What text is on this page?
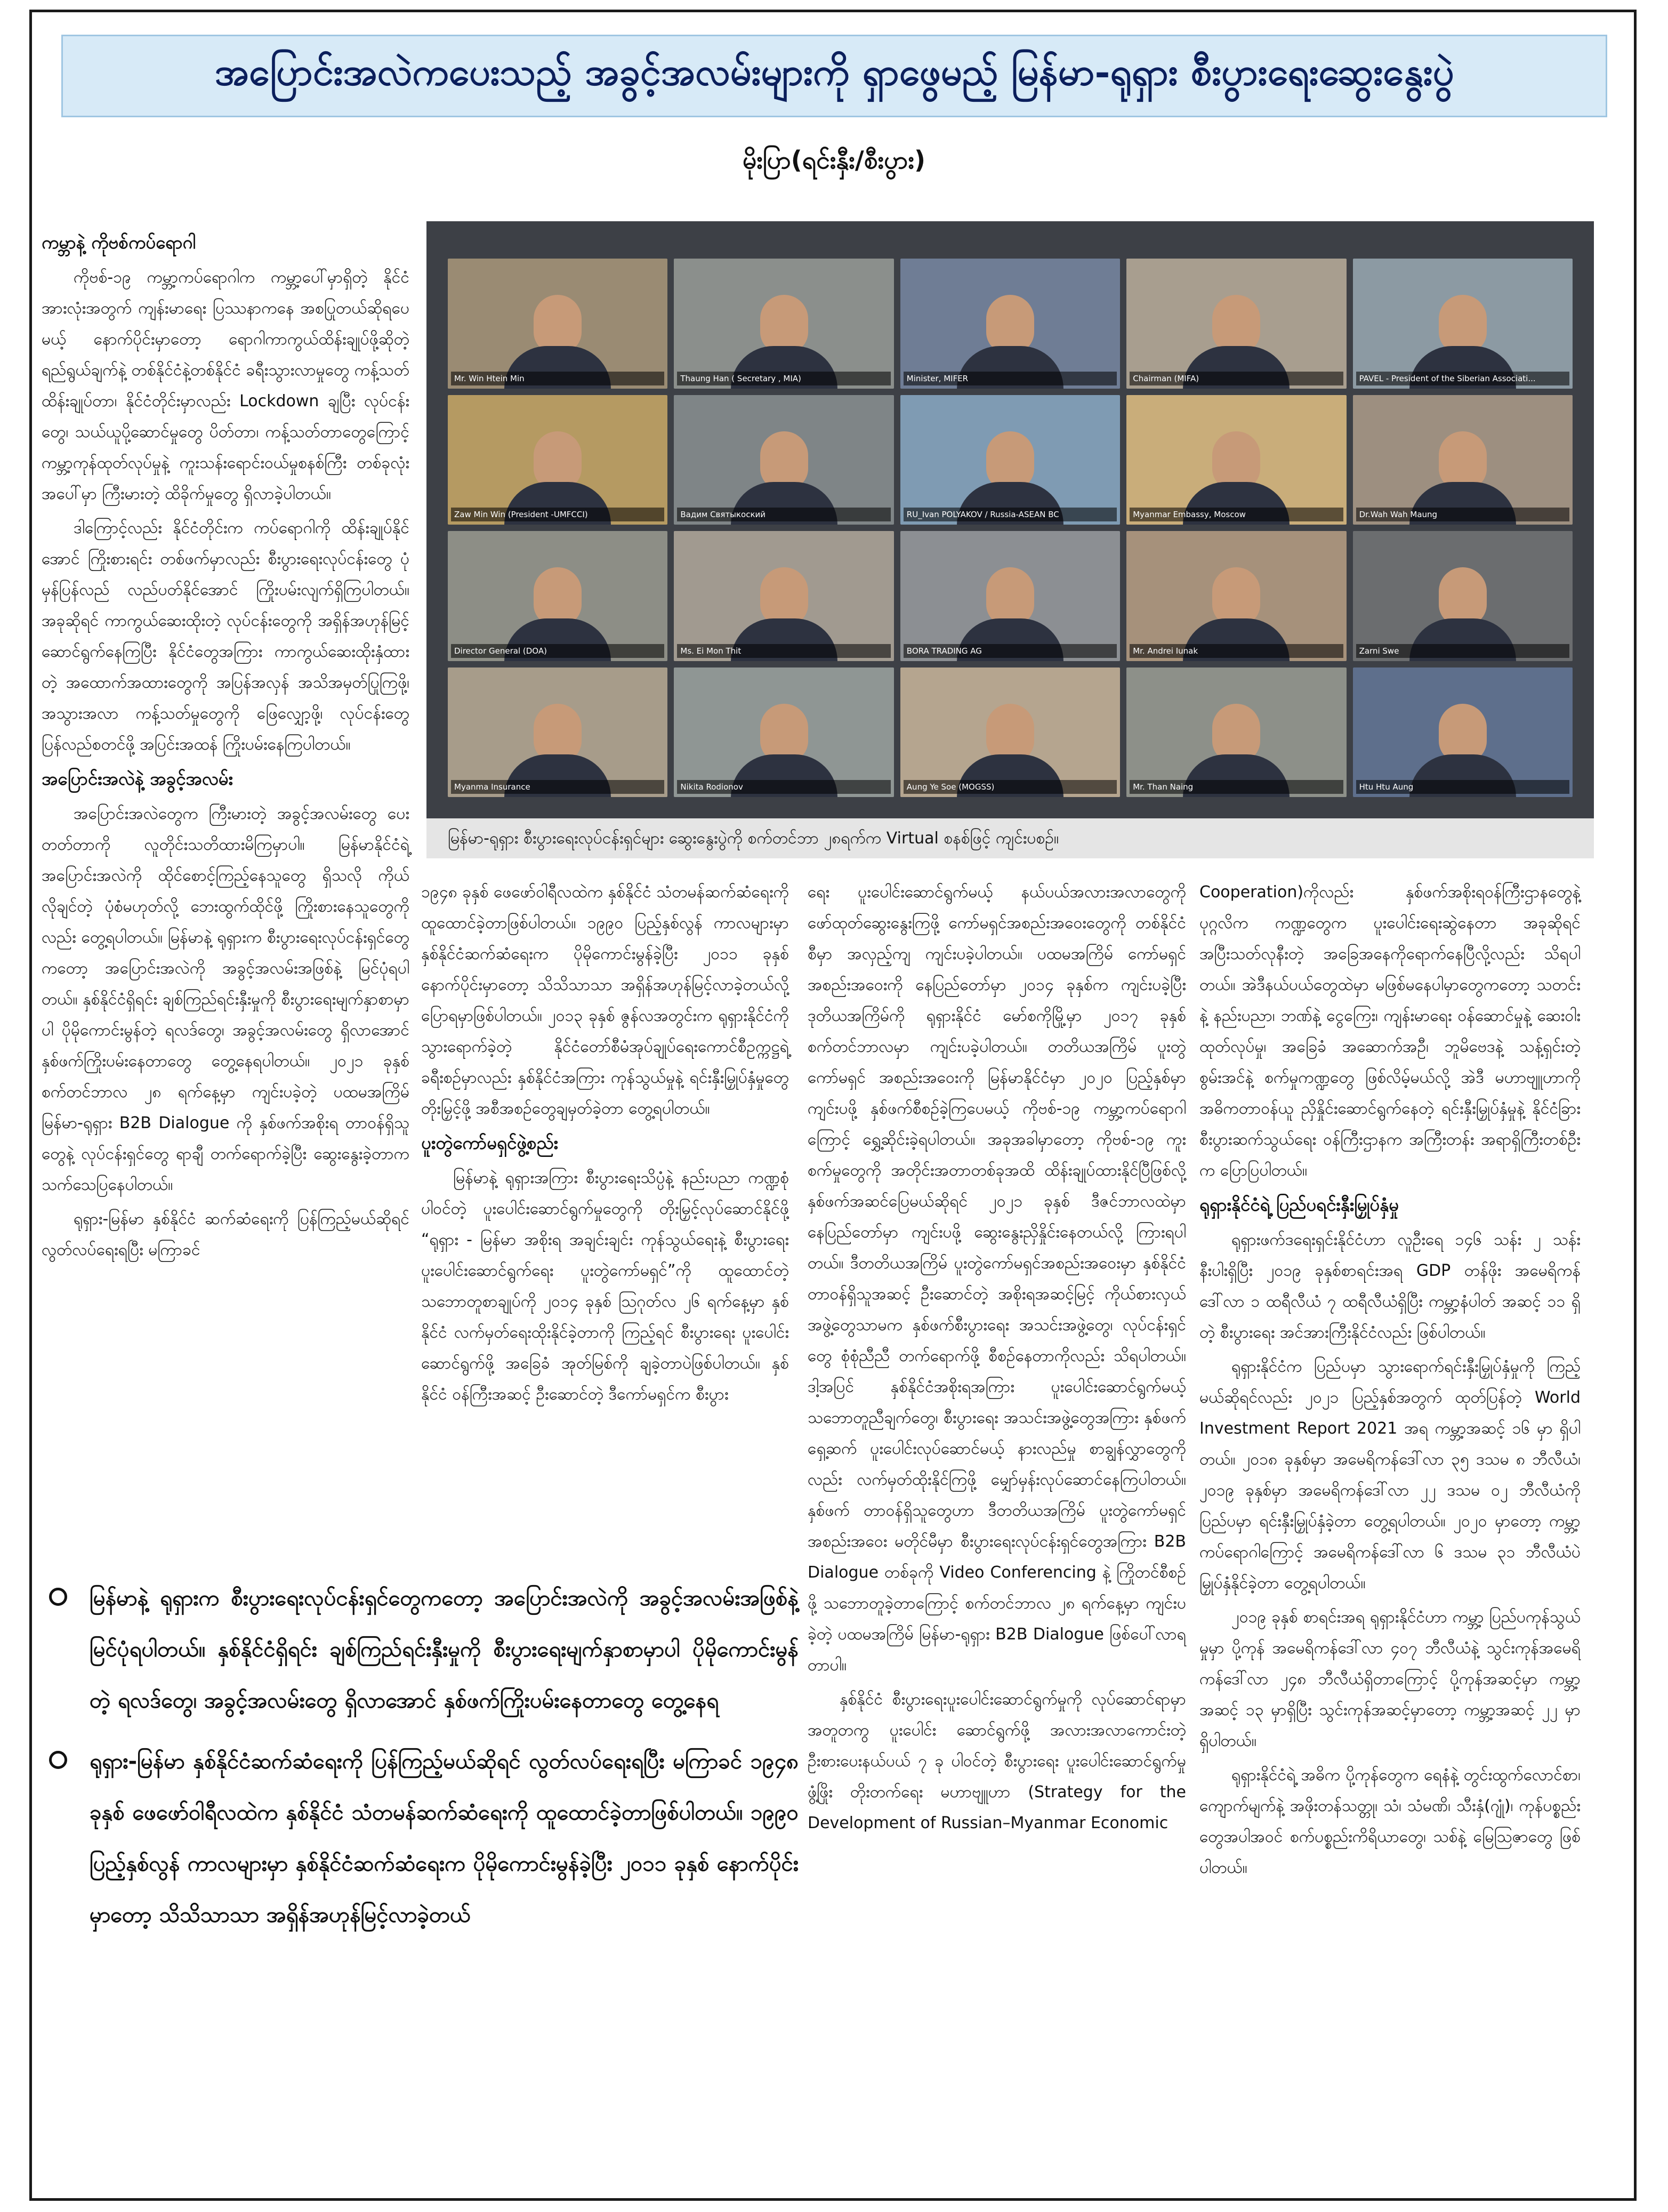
အပြောင်းအလဲကပေးသည့် အခွင့်အလမ်းများကို ရှာဖွေမည့် မြန်မာ-ရုရှား စီးပွားရေးဆွေးနွေးပွဲ
မိုးပြာ(ရင်းနှီး/စီးပွား)
ကမ္ဘာနဲ့ ကိုဗစ်ကပ်ရောဂါ

ကိုဗစ်-၁၉ ကမ္ဘာ့ကပ်ရောဂါက ကမ္ဘာ့ပေါ်မှာရှိတဲ့ နိုင်ငံအားလုံးအတွက် ကျန်းမာရေး ပြဿနာကနေ အစပြုတယ်ဆိုရပေမယ့် နောက်ပိုင်းမှာတော့ ရောဂါကာကွယ်ထိန်းချုပ်ဖို့ဆိုတဲ့ ရည်ရွယ်ချက်နဲ့ တစ်နိုင်ငံနဲ့တစ်နိုင်ငံ ခရီးသွားလာမှုတွေ ကန့်သတ်ထိန်းချုပ်တာ၊ နိုင်ငံတိုင်းမှာလည်း Lockdown ချပြီး လုပ်ငန်းတွေ၊ သယ်ယူပို့ဆောင်မှုတွေ ပိတ်တာ၊ ကန့်သတ်တာတွေကြောင့် ကမ္ဘာ့ကုန်ထုတ်လုပ်မှုနဲ့ ကူးသန်းရောင်းဝယ်မှုစနစ်ကြီး တစ်ခုလုံးအပေါ်မှာ ကြီးမားတဲ့ ထိခိုက်မှုတွေ ရှိလာခဲ့ပါတယ်။

ဒါကြောင့်လည်း နိုင်ငံတိုင်းက ကပ်ရောဂါကို ထိန်းချုပ်နိုင်အောင် ကြိုးစားရင်း တစ်ဖက်မှာလည်း စီးပွားရေးလုပ်ငန်းတွေ ပုံမှန်ပြန်လည် လည်ပတ်နိုင်အောင် ကြိုးပမ်းလျက်ရှိကြပါတယ်။ အခုဆိုရင် ကာကွယ်ဆေးထိုးတဲ့ လုပ်ငန်းတွေကို အရှိန်အဟုန်မြင့် ဆောင်ရွက်နေကြပြီး နိုင်ငံတွေအကြား ကာကွယ်ဆေးထိုးနှံထားတဲ့ အထောက်အထားတွေကို အပြန်အလှန် အသိအမှတ်ပြုကြဖို့၊ အသွားအလာ ကန့်သတ်မှုတွေကို ဖြေလျှော့ဖို့၊ လုပ်ငန်းတွေ ပြန်လည်စတင်ဖို့ အပြင်းအထန် ကြိုးပမ်းနေကြပါတယ်။

အပြောင်းအလဲနဲ့ အခွင့်အလမ်း

အပြောင်းအလဲတွေက ကြီးမားတဲ့ အခွင့်အလမ်းတွေ ပေးတတ်တာကို လူတိုင်းသတိထားမိကြမှာပါ။ မြန်မာနိုင်ငံရဲ့ အပြောင်းအလဲကို ထိုင်စောင့်ကြည့်နေသူတွေ ရှိသလို ကိုယ်လိုချင်တဲ့ ပုံစံမဟုတ်လို့ ဘေးထွက်ထိုင်ဖို့ ကြိုးစားနေသူတွေကိုလည်း တွေ့ရပါတယ်။ မြန်မာနဲ့ ရုရှားက စီးပွားရေးလုပ်ငန်းရှင်တွေကတော့ အပြောင်းအလဲကို အခွင့်အလမ်းအဖြစ်နဲ့ မြင်ပုံရပါတယ်။ နှစ်နိုင်ငံရှိရင်း ချစ်ကြည်ရင်းနှီးမှုကို စီးပွားရေးမျက်နှာစာမှာပါ ပိုမိုကောင်းမွန်တဲ့ ရလဒ်တွေ၊ အခွင့်အလမ်းတွေ ရှိလာအောင် နှစ်ဖက်ကြိုးပမ်းနေတာတွေ တွေ့နေရပါတယ်။ ၂၀၂၁ ခုနှစ် စက်တင်ဘာလ ၂၈ ရက်နေ့မှာ ကျင်းပခဲ့တဲ့ ပထမအကြိမ် မြန်မာ-ရုရှား B2B Dialogue ကို နှစ်ဖက်အစိုးရ တာဝန်ရှိသူတွေနဲ့ လုပ်ငန်းရှင်တွေ ရာချီ တက်ရောက်ခဲ့ပြီး ဆွေးနွေးခဲ့တာက သက်သေပြနေပါတယ်။

ရုရှား-မြန်မာ နှစ်နိုင်ငံ ဆက်ဆံရေးကို ပြန်ကြည့်မယ်ဆိုရင် လွတ်လပ်ရေးရပြီး မကြာခင်

Mr. Win Htein Min	Thaung Han ( Secretary , MIA)	Minister, MIFER	Chairman (MIFA)	PAVEL - President of the Siberian Associati...
Zaw Min Win (President -UMFCCI)	Вадим Святыкоский	RU_Ivan POLYAKOV / Russia-ASEAN BC	Myanmar Embassy, Moscow	Dr.Wah Wah Maung
Director General (DOA)	Ms. Ei Mon Thit	BORA TRADING AG	Mr. Andrei Iunak	Zarni Swe
Myanma Insurance	Nikita Rodionov	Aung Ye Soe (MOGSS)	Mr. Than Naing	Htu Htu Aung
မြန်မာ-ရုရှား စီးပွားရေးလုပ်ငန်းရှင်များ ဆွေးနွေးပွဲကို စက်တင်ဘာ ၂၈ရက်က Virtual စနစ်ဖြင့် ကျင်းပစဉ်။

၁၉၄၈ ခုနှစ် ဖေဖော်ဝါရီလထဲက နှစ်နိုင်ငံ သံတမန်ဆက်ဆံရေးကို ထူထောင်ခဲ့တာဖြစ်ပါတယ်။ ၁၉၉၀ ပြည့်နှစ်လွန် ကာလများမှာ နှစ်နိုင်ငံဆက်ဆံရေးက ပိုမိုကောင်းမွန်ခဲ့ပြီး ၂၀၁၁ ခုနှစ် နောက်ပိုင်းမှာတော့ သိသိသာသာ အရှိန်အဟုန်မြင့်လာခဲ့တယ်လို့ ပြောရမှာဖြစ်ပါတယ်။ ၂၀၁၃ ခုနှစ် ဇွန်လအတွင်းက ရုရှားနိုင်ငံကို သွားရောက်ခဲ့တဲ့ နိုင်ငံတော်စီမံအုပ်ချုပ်ရေးကောင်စီဥက္ကဋ္ဌရဲ့ ခရီးစဉ်မှာလည်း နှစ်နိုင်ငံအကြား ကုန်သွယ်မှုနဲ့ ရင်းနှီးမြှုပ်နှံမှုတွေ တိုးမြှင့်ဖို့ အစီအစဉ်တွေချမှတ်ခဲ့တာ တွေ့ရပါတယ်။

ပူးတွဲကော်မရှင်ဖွဲ့စည်း

မြန်မာနဲ့ ရုရှားအကြား စီးပွားရေးသိပ္ပံနဲ့ နည်းပညာ ကဏ္ဍစုံပါဝင်တဲ့ ပူးပေါင်းဆောင်ရွက်မှုတွေကို တိုးမြှင့်လုပ်ဆောင်နိုင်ဖို့ “ရုရှား - မြန်မာ အစိုးရ အချင်းချင်း ကုန်သွယ်ရေးနဲ့ စီးပွားရေးပူးပေါင်းဆောင်ရွက်ရေး ပူးတွဲကော်မရှင်”ကို ထူထောင်တဲ့ သဘောတူစာချုပ်ကို ၂၀၁၄ ခုနှစ် ဩဂုတ်လ ၂၆ ရက်နေ့မှာ နှစ်နိုင်ငံ လက်မှတ်ရေးထိုးနိုင်ခဲ့တာကို ကြည့်ရင် စီးပွားရေး ပူးပေါင်းဆောင်ရွက်ဖို့ အခြေခံ အုတ်မြစ်ကို ချခဲ့တာပဲဖြစ်ပါတယ်။ နှစ်နိုင်ငံ ဝန်ကြီးအဆင့် ဦးဆောင်တဲ့ ဒီကော်မရှင်က စီးပွား

ရေး ပူးပေါင်းဆောင်ရွက်မယ့် နယ်ပယ်အလားအလာတွေကို ဖော်ထုတ်ဆွေးနွေးကြဖို့ ကော်မရှင်အစည်းအဝေးတွေကို တစ်နိုင်ငံစီမှာ အလှည့်ကျ ကျင်းပခဲ့ပါတယ်။ ပထမအကြိမ် ကော်မရှင်အစည်းအဝေးကို နေပြည်တော်မှာ ၂၀၁၄ ခုနှစ်က ကျင်းပခဲ့ပြီး ဒုတိယအကြိမ်ကို ရုရှားနိုင်ငံ မော်စကိုမြို့မှာ ၂၀၁၇ ခုနှစ် စက်တင်ဘာလမှာ ကျင်းပခဲ့ပါတယ်။ တတိယအကြိမ် ပူးတွဲကော်မရှင် အစည်းအဝေးကို မြန်မာနိုင်ငံမှာ ၂၀၂၀ ပြည့်နှစ်မှာ ကျင်းပဖို့ နှစ်ဖက်စီစဉ်ခဲ့ကြပေမယ့် ကိုဗစ်-၁၉ ကမ္ဘာ့ကပ်ရောဂါကြောင့် ရွှေ့ဆိုင်းခဲ့ရပါတယ်။ အခုအခါမှာတော့ ကိုဗစ်-၁၉ ကူးစက်မှုတွေကို အတိုင်းအတာတစ်ခုအထိ ထိန်းချုပ်ထားနိုင်ပြီဖြစ်လို့ နှစ်ဖက်အဆင်ပြေမယ်ဆိုရင် ၂၀၂၁ ခုနှစ် ဒီဇင်ဘာလထဲမှာ နေပြည်တော်မှာ ကျင်းပဖို့ ဆွေးနွေးညှိနှိုင်းနေတယ်လို့ ကြားရပါတယ်။ ဒီတတိယအကြိမ် ပူးတွဲကော်မရှင်အစည်းအဝေးမှာ နှစ်နိုင်ငံတာဝန်ရှိသူအဆင့် ဦးဆောင်တဲ့ အစိုးရအဆင့်မြင့် ကိုယ်စားလှယ်အဖွဲ့တွေသာမက နှစ်ဖက်စီးပွားရေး အသင်းအဖွဲ့တွေ၊ လုပ်ငန်းရှင်တွေ စုံစုံညီညီ တက်ရောက်ဖို့ စီစဉ်နေတာကိုလည်း သိရပါတယ်။ ဒါ့အပြင် နှစ်နိုင်ငံအစိုးရအကြား ပူးပေါင်းဆောင်ရွက်မယ့် သဘောတူညီချက်တွေ၊ စီးပွားရေး အသင်းအဖွဲ့တွေအကြား နှစ်ဖက်ရှေ့ဆက် ပူးပေါင်းလုပ်ဆောင်မယ့် နားလည်မှု စာချွန်လွှာတွေကိုလည်း လက်မှတ်ထိုးနိုင်ကြဖို့ မျှော်မှန်းလုပ်ဆောင်နေကြပါတယ်။ နှစ်ဖက် တာဝန်ရှိသူတွေဟာ ဒီတတိယအကြိမ် ပူးတွဲကော်မရှင်အစည်းအဝေး မတိုင်မီမှာ စီးပွားရေးလုပ်ငန်းရှင်တွေအကြား B2B Dialogue တစ်ခုကို Video Conferencing နဲ့ ကြိုတင်စီစဉ်ဖို့ သဘောတူခဲ့တာကြောင့် စက်တင်ဘာလ ၂၈ ရက်နေ့မှာ ကျင်းပခဲ့တဲ့ ပထမအကြိမ် မြန်မာ-ရုရှား B2B Dialogue ဖြစ်ပေါ်လာရတာပါ။

နှစ်နိုင်ငံ စီးပွားရေးပူးပေါင်းဆောင်ရွက်မှုကို လုပ်ဆောင်ရာမှာ အတူတကွ ပူးပေါင်း ဆောင်ရွက်ဖို့ အလားအလာကောင်းတဲ့ ဦးစားပေးနယ်ပယ် ၇ ခု ပါဝင်တဲ့ စီးပွားရေး ပူးပေါင်းဆောင်ရွက်မှု ဖွံ့ဖြိုး တိုးတက်ရေး မဟာဗျူဟာ (Strategy for the Development of Russian–Myanmar Economic

Cooperation)ကိုလည်း နှစ်ဖက်အစိုးရဝန်ကြီးဌာနတွေနဲ့ ပုဂ္ဂလိက ကဏ္ဍတွေက ပူးပေါင်းရေးဆွဲနေတာ အခုဆိုရင် အပြီးသတ်လုနီးတဲ့ အခြေအနေကိုရောက်နေပြီလို့လည်း သိရပါတယ်။ အဲဒီနယ်ပယ်တွေထဲမှာ မဖြစ်မနေပါမှာတွေကတော့ သတင်းနဲ့ နည်းပညာ၊ ဘဏ်နဲ့ ငွေကြေး၊ ကျန်းမာရေး ဝန်ဆောင်မှုနဲ့ ဆေးဝါးထုတ်လုပ်မှု၊ အခြေခံ အဆောက်အဦ၊ ဘူမိဗေဒနဲ့ သန့်ရှင်းတဲ့စွမ်းအင်နဲ့ စက်မှုကဏ္ဍတွေ ဖြစ်လိမ့်မယ်လို့ အဲဒီ မဟာဗျူဟာကို အဓိကတာဝန်ယူ ညှိနှိုင်းဆောင်ရွက်နေတဲ့ ရင်းနှီးမြှုပ်နှံမှုနဲ့ နိုင်ငံခြားစီးပွားဆက်သွယ်ရေး ဝန်ကြီးဌာနက အကြီးတန်း အရာရှိကြီးတစ်ဦးက ပြောပြပါတယ်။

ရုရှားနိုင်ငံရဲ့ ပြည်ပရင်းနှီးမြှုပ်နှံမှု

ရုရှားဖက်ဒရေးရှင်းနိုင်ငံဟာ လူဦးရေ ၁၄၆ သန်း ၂ သန်း နီးပါးရှိပြီး ၂၀၁၉ ခုနှစ်စာရင်းအရ GDP တန်ဖိုး အမေရိကန်ဒေါ်လာ ၁ ထရီလီယံ ၇ ထရီလီယံရှိပြီး ကမ္ဘာ့နံပါတ် အဆင့် ၁၁ ရှိတဲ့ စီးပွားရေး အင်အားကြီးနိုင်ငံလည်း ဖြစ်ပါတယ်။

ရုရှားနိုင်ငံက ပြည်ပမှာ သွားရောက်ရင်းနှီးမြှုပ်နှံမှုကို ကြည့်မယ်ဆိုရင်လည်း ၂၀၂၁ ပြည့်နှစ်အတွက် ထုတ်ပြန်တဲ့ World Investment Report 2021 အရ ကမ္ဘာ့အဆင့် ၁၆ မှာ ရှိပါတယ်။ ၂၀၁၈ ခုနှစ်မှာ အမေရိကန်ဒေါ်လာ ၃၅ ဒသမ ၈ ဘီလီယံ၊ ၂၀၁၉ ခုနှစ်မှာ အမေရိကန်ဒေါ်လာ ၂၂ ဒသမ ၀၂ ဘီလီယံကို ပြည်ပမှာ ရင်းနှီးမြှုပ်နှံခဲ့တာ တွေ့ရပါတယ်။ ၂၀၂၀ မှာတော့ ကမ္ဘာ့ကပ်ရောဂါကြောင့် အမေရိကန်ဒေါ်လာ ၆ ဒသမ ၃၁ ဘီလီယံပဲ မြှုပ်နှံနိုင်ခဲ့တာ တွေ့ရပါတယ်။

၂၀၁၉ ခုနှစ် စာရင်းအရ ရုရှားနိုင်ငံဟာ ကမ္ဘာ့ ပြည်ပကုန်သွယ်မှုမှာ ပို့ကုန် အမေရိကန်ဒေါ်လာ ၄၀၇ ဘီလီယံနဲ့ သွင်းကုန်အမေရိကန်ဒေါ်လာ ၂၄၈ ဘီလီယံရှိတာကြောင့် ပို့ကုန်အဆင့်မှာ ကမ္ဘာ့အဆင့် ၁၃ မှာရှိပြီး သွင်းကုန်အဆင့်မှာတော့ ကမ္ဘာ့အဆင့် ၂၂ မှာ ရှိပါတယ်။

ရုရှားနိုင်ငံရဲ့ အဓိက ပို့ကုန်တွေက ရေနံနဲ့ တွင်းထွက်လောင်စာ၊ ကျောက်မျက်နဲ့ အဖိုးတန်သတ္တု၊ သံ၊ သံမဏိ၊ သီးနှံ(ဂျုံ)၊ ကုန်ပစ္စည်းတွေအပါအဝင် စက်ပစ္စည်းကိရိယာတွေ၊ သစ်နဲ့ မြေသြဇာတွေ ဖြစ်ပါတယ်။

မြန်မာနဲ့ ရုရှားက စီးပွားရေးလုပ်ငန်းရှင်တွေကတော့ အပြောင်းအလဲကို အခွင့်အလမ်းအဖြစ်နဲ့ မြင်ပုံရပါတယ်။ နှစ်နိုင်ငံရှိရင်း ချစ်ကြည်ရင်းနှီးမှုကို စီးပွားရေးမျက်နှာစာမှာပါ ပိုမိုကောင်းမွန်တဲ့ ရလဒ်တွေ၊ အခွင့်အလမ်းတွေ ရှိလာအောင် နှစ်ဖက်ကြိုးပမ်းနေတာတွေ တွေ့နေရ
ရုရှား-မြန်မာ နှစ်နိုင်ငံဆက်ဆံရေးကို ပြန်ကြည့်မယ်ဆိုရင် လွတ်လပ်ရေးရပြီး မကြာခင် ၁၉၄၈ ခုနှစ် ဖေဖော်ဝါရီလထဲက နှစ်နိုင်ငံ သံတမန်ဆက်ဆံရေးကို ထူထောင်ခဲ့တာဖြစ်ပါတယ်။ ၁၉၉၀ ပြည့်နှစ်လွန် ကာလများမှာ နှစ်နိုင်ငံဆက်ဆံရေးက ပိုမိုကောင်းမွန်ခဲ့ပြီး ၂၀၁၁ ခုနှစ် နောက်ပိုင်းမှာတော့ သိသိသာသာ အရှိန်အဟုန်မြင့်လာခဲ့တယ်
